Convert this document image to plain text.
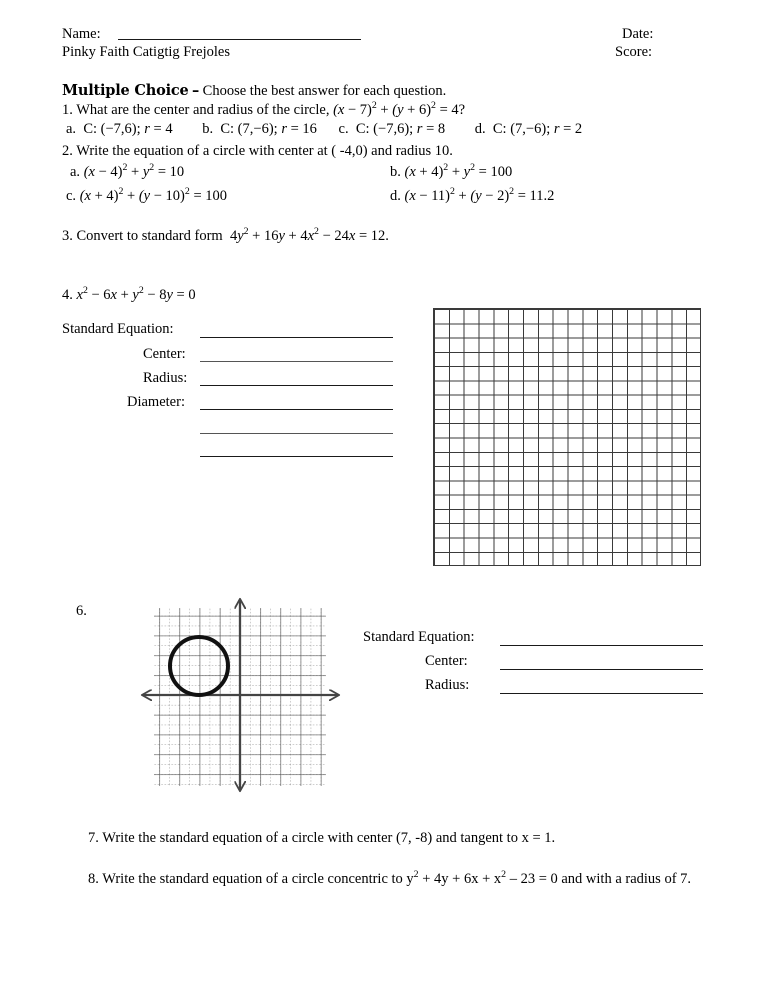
Name:
Pinky Faith Catigtig Frejoles
Date:
Score:
Multiple Choice – Choose the best answer for each question.
1. What are the center and radius of the circle, $(x - 7)^2 + (y + 6)^2 = 4$?
a.  C: (−7,6); r = 4 b.  C: (7,−6); r = 16 c.  C: (−7,6); r = 8 d.  C: (7,−6); r = 2
2. Write the equation of a circle with center at ( -4,0) and radius 10.
a. $(x - 4)^2 + y^2 = 10$	b. $(x + 4)^2 + y^2 = 100$
c. $(x + 4)^2 + (y - 10)^2 = 100$	d. $(x - 11)^2 + (y - 2)^2 = 11.2$
3. Convert to standard form  $4y^2 + 16y + 4x^2 - 24x = 12$.
4. $x^2 - 6x + y^2 - 8y = 0$
Standard Equation:
Center:
Radius:
Diameter:
6.
Standard Equation:
Center:
Radius:
7. Write the standard equation of a circle with center (7, -8) and tangent to x = 1.
8. Write the standard equation of a circle concentric to $y^2 + 4y + 6x + x^2 - 23 = 0$ and with a radius of 7.
